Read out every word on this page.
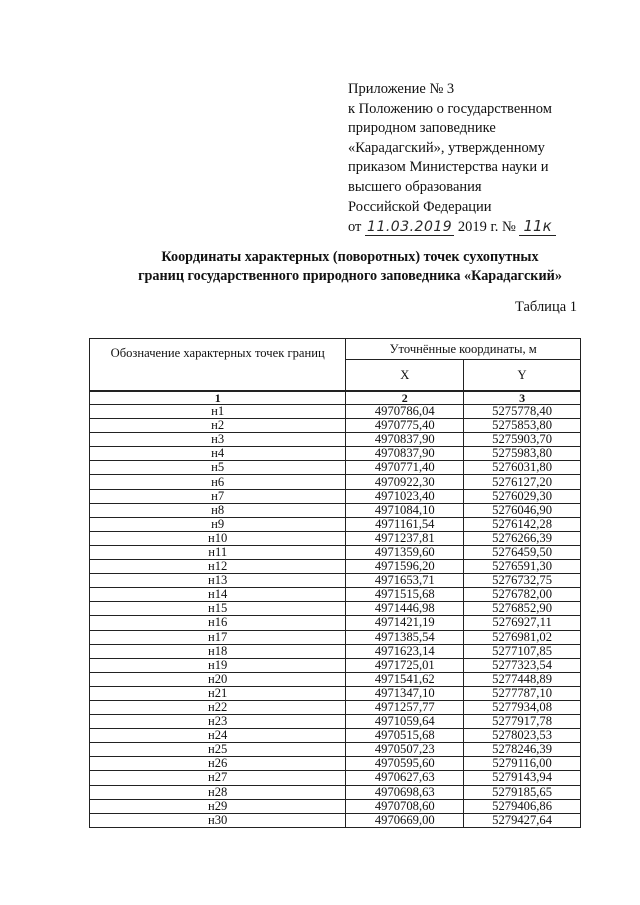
Приложение № 3
к Положению о государственном
природном заповеднике
«Карадагский», утвержденному
приказом Министерства науки и
высшего образования
Российской Федерации
от 11.03.2019 2019 г. № 11к
Координаты характерных (поворотных) точек сухопутных
границ государственного природного заповедника «Карадагский»
Таблица 1
Обозначение характерных точек границ	Уточнённые координаты, м	
	X	Y
1	2	3
н1	4970786,04	5275778,40
н2	4970775,40	5275853,80
н3	4970837,90	5275903,70
н4	4970837,90	5275983,80
н5	4970771,40	5276031,80
н6	4970922,30	5276127,20
н7	4971023,40	5276029,30
н8	4971084,10	5276046,90
н9	4971161,54	5276142,28
н10	4971237,81	5276266,39
н11	4971359,60	5276459,50
н12	4971596,20	5276591,30
н13	4971653,71	5276732,75
н14	4971515,68	5276782,00
н15	4971446,98	5276852,90
н16	4971421,19	5276927,11
н17	4971385,54	5276981,02
н18	4971623,14	5277107,85
н19	4971725,01	5277323,54
н20	4971541,62	5277448,89
н21	4971347,10	5277787,10
н22	4971257,77	5277934,08
н23	4971059,64	5277917,78
н24	4970515,68	5278023,53
н25	4970507,23	5278246,39
н26	4970595,60	5279116,00
н27	4970627,63	5279143,94
н28	4970698,63	5279185,65
н29	4970708,60	5279406,86
н30	4970669,00	5279427,64
